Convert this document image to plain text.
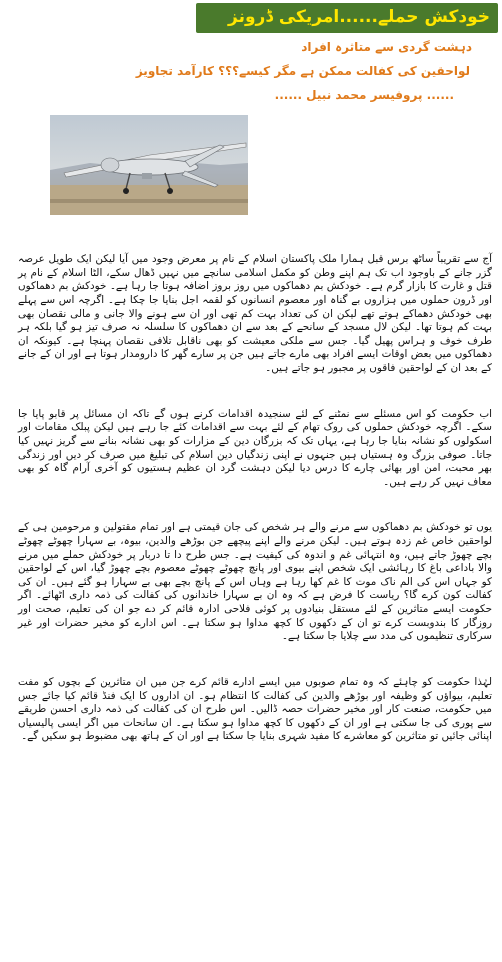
خودکش حملے......امریکی ڈرونز
دہشت گردی سے متاثرہ افراد
لواحقین کی کفالت ممکن ہے مگر کیسے؟؟؟ کارآمد تجاویز
...... پروفیسر محمد نبیل ......

آج سے تقریباً ساٹھ برس قبل ہمارا ملک پاکستان اسلام کے نام پر معرض وجود میں آیا لیکن ایک طویل عرصہ گزر جانے کے باوجود اب تک ہم اپنے وطن کو مکمل اسلامی سانچے میں نہیں ڈھال سکے، الٹا اسلام کے نام پر قتل و غارت کا بازار گرم ہے۔ خودکش بم دھماکوں میں روز بروز اضافہ ہوتا جا رہا ہے۔ خودکش بم دھماکوں اور ڈرون حملوں میں ہزاروں بے گناہ اور معصوم انسانوں کو لقمہ اجل بنایا جا چکا ہے۔ اگرچہ اس سے پہلے بھی خودکش دھماکے ہوتے تھے لیکن ان کی تعداد بہت کم تھی اور ان سے ہونے والا جانی و مالی نقصان بھی بہت کم ہوتا تھا۔ لیکن لال مسجد کے سانحے کے بعد سے ان دھماکوں کا سلسلہ نہ صرف تیز ہو گیا بلکہ ہر طرف خوف و ہراس پھیل گیا۔ جس سے ملکی معیشت کو بھی ناقابل تلافی نقصان پہنچا ہے۔ کیونکہ ان دھماکوں میں بعض اوقات ایسے افراد بھی مارے جاتے ہیں جن پر سارے گھر کا دارومدار ہوتا ہے اور ان کے جانے کے بعد ان کے لواحقین فاقوں پر مجبور ہو جاتے ہیں۔

اب حکومت کو اس مسئلے سے نمٹنے کے لئے سنجیدہ اقدامات کرنے ہوں گے تاکہ ان مسائل پر قابو پایا جا سکے۔ اگرچہ خودکش حملوں کی روک تھام کے لئے بہت سے اقدامات کئے جا رہے ہیں لیکن پبلک مقامات اور اسکولوں کو نشانہ بنایا جا رہا ہے، یہاں تک کہ بزرگان دین کے مزارات کو بھی نشانہ بنانے سے گریز نہیں کیا جاتا۔ صوفی بزرگ وہ ہستیاں ہیں جنہوں نے اپنی زندگیاں دین اسلام کی تبلیغ میں صرف کر دیں اور زندگی بھر محبت، امن اور بھائی چارے کا درس دیا لیکن دہشت گرد ان عظیم ہستیوں کو آخری آرام گاہ کو بھی معاف نہیں کر رہے ہیں۔

یوں تو خودکش بم دھماکوں سے مرنے والے ہر شخص کی جان قیمتی ہے اور تمام مقتولین و مرحومین ہی کے لواحقین خاص غم زدہ ہوتے ہیں۔ لیکن مرنے والے اپنے پیچھے جن بوڑھے والدین، بیوہ، بے سہارا چھوٹے چھوٹے بچے چھوڑ جاتے ہیں، وہ انتہائی غم و اندوہ کی کیفیت ہے۔ جس طرح دا تا دربار پر خودکش حملے میں مرنے والا باداعی باغ کا رہائشی ایک شخص اپنے بیوی اور پانچ چھوٹے چھوٹے معصوم بچے چھوڑ گیا، اس کے لواحقین کو جہاں اس کی الم ناک موت کا غم کھا رہا ہے وہاں اس کے پانچ بچے بھی بے سہارا ہو گئے ہیں۔ ان کی کفالت کون کرے گا؟ ریاست کا فرض ہے کہ وہ ان بے سہارا خاندانوں کی کفالت کی ذمہ داری اٹھائے۔ اگر حکومت ایسے متاثرین کے لئے مستقل بنیادوں پر کوئی فلاحی ادارہ قائم کر دے جو ان کی تعلیم، صحت اور روزگار کا بندوبست کرے تو ان کے دکھوں کا کچھ مداوا ہو سکتا ہے۔ اس ادارے کو مخیر حضرات اور غیر سرکاری تنظیموں کی مدد سے چلایا جا سکتا ہے۔

لہٰذا حکومت کو چاہئے کہ وہ تمام صوبوں میں ایسے ادارے قائم کرے جن میں ان متاثرین کے بچوں کو مفت تعلیم، بیواؤں کو وظیفہ اور بوڑھے والدین کی کفالت کا انتظام ہو۔ ان اداروں کا ایک فنڈ قائم کیا جائے جس میں حکومت، صنعت کار اور مخیر حضرات حصہ ڈالیں۔ اس طرح ان کی کفالت کی ذمہ داری احسن طریقے سے پوری کی جا سکتی ہے اور ان کے دکھوں کا کچھ مداوا ہو سکتا ہے۔ ان سانحات میں اگر ایسی پالیسیاں اپنائی جائیں تو متاثرین کو معاشرے کا مفید شہری بنایا جا سکتا ہے اور ان کے ہاتھ بھی مضبوط ہو سکیں گے۔
